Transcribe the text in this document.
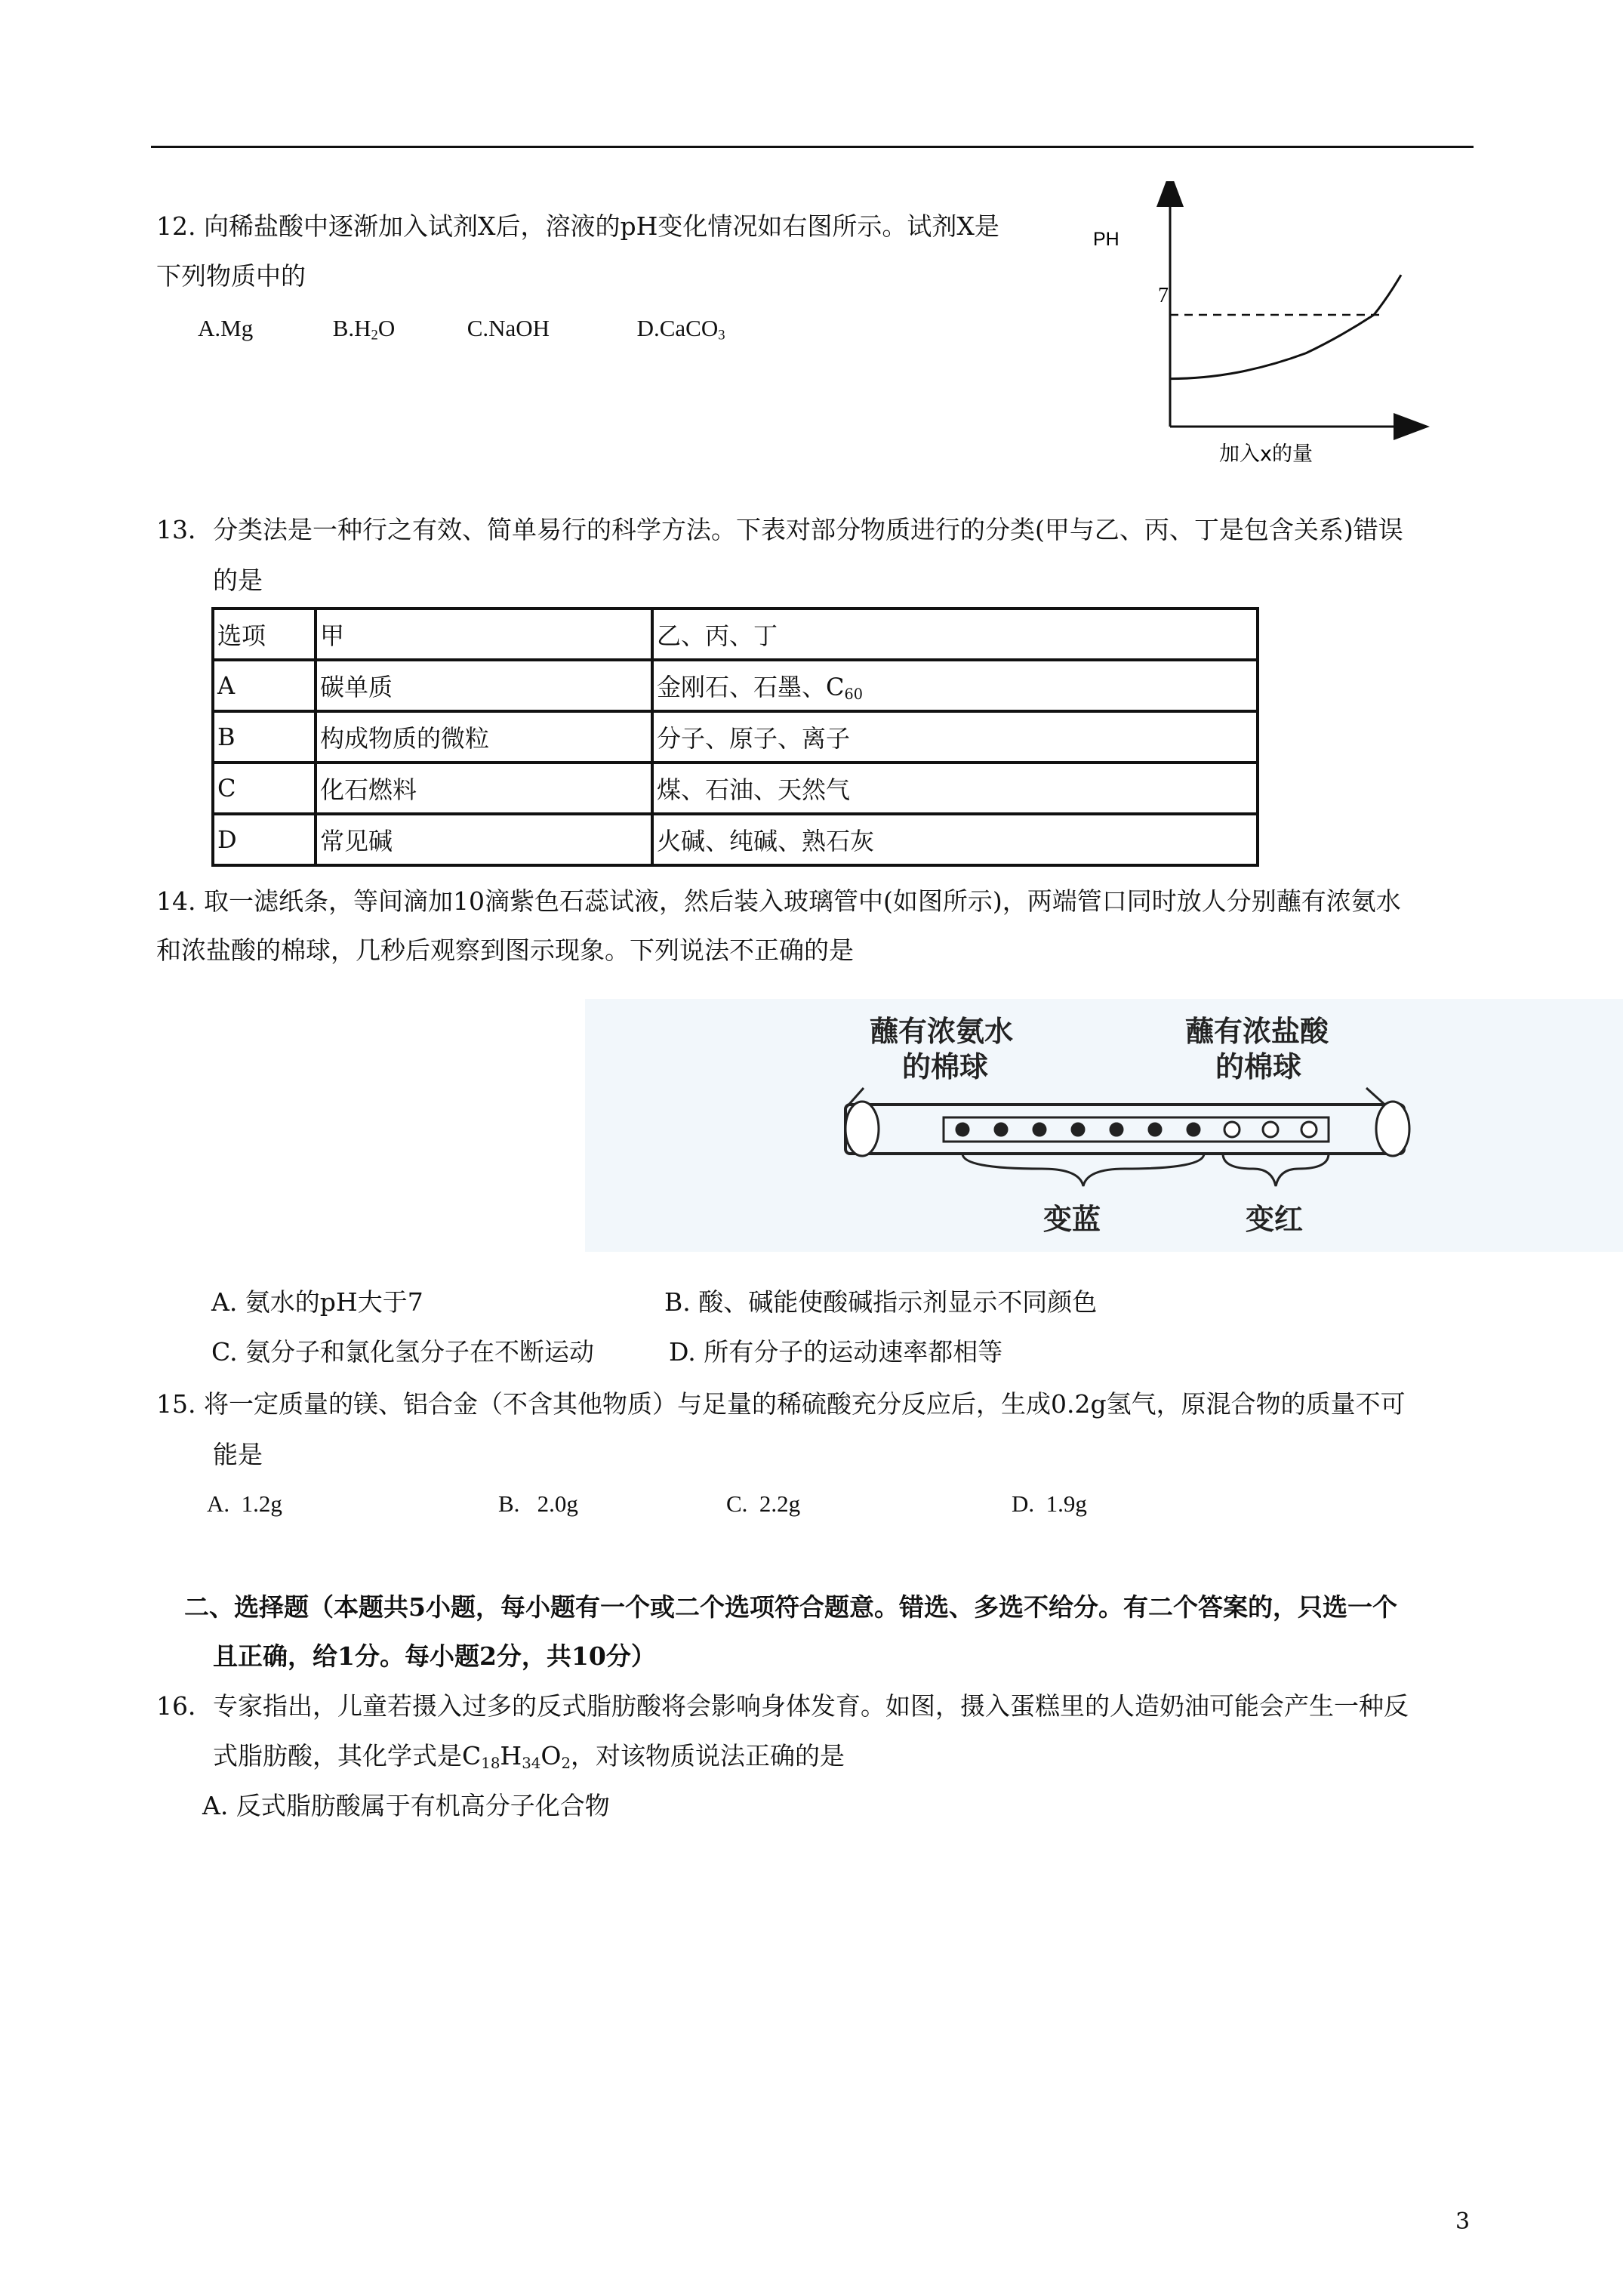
12. 向稀盐酸中逐渐加入试剂X后，溶液的pH变化情况如右图所示。试剂X是
下列物质中的
A.Mg	$B.H_2O$	C.NaOH	D.CaCO$_3$
PH
7
加入x的量
13．分类法是一种行之有效、简单易行的科学方法。下表对部分物质进行的分类(甲与乙、丙、丁是包含关系)错误
的是
选项	甲	乙、丙、丁
A	碳单质	金刚石、石墨、$C_{60}$
B	构成物质的微粒	分子、原子、离子
C	化石燃料	煤、石油、天然气
D	常见碱	火碱、纯碱、熟石灰
14. 取一滤纸条，等间滴加10滴紫色石蕊试液，然后装入玻璃管中(如图所示)，两端管口同时放人分别蘸有浓氨水
和浓盐酸的棉球，几秒后观察到图示现象。下列说法不正确的是
蘸有浓氨水
的棉球
蘸有浓盐酸
的棉球
变蓝	变红
A. 氨水的pH大于7	B. 酸、碱能使酸碱指示剂显示不同颜色
C. 氨分子和氯化氢分子在不断运动	D. 所有分子的运动速率都相等
15. 将一定质量的镁、铝合金（不含其他物质）与足量的稀硫酸充分反应后，生成0.2g氢气，原混合物的质量不可
能是
A.  1.2g	B.   2.0g	C.  2.2g	D.  1.9g
二、选择题（本题共5小题，每小题有一个或二个选项符合题意。错选、多选不给分。有二个答案的，只选一个
且正确，给1分。每小题2分，共10分）
16．专家指出，儿童若摄入过多的反式脂肪酸将会影响身体发育。如图，摄入蛋糕里的人造奶油可能会产生一种反
式脂肪酸，其化学式是$C_{18}H_{34}O_2$，对该物质说法正确的是
A. 反式脂肪酸属于有机高分子化合物
3
